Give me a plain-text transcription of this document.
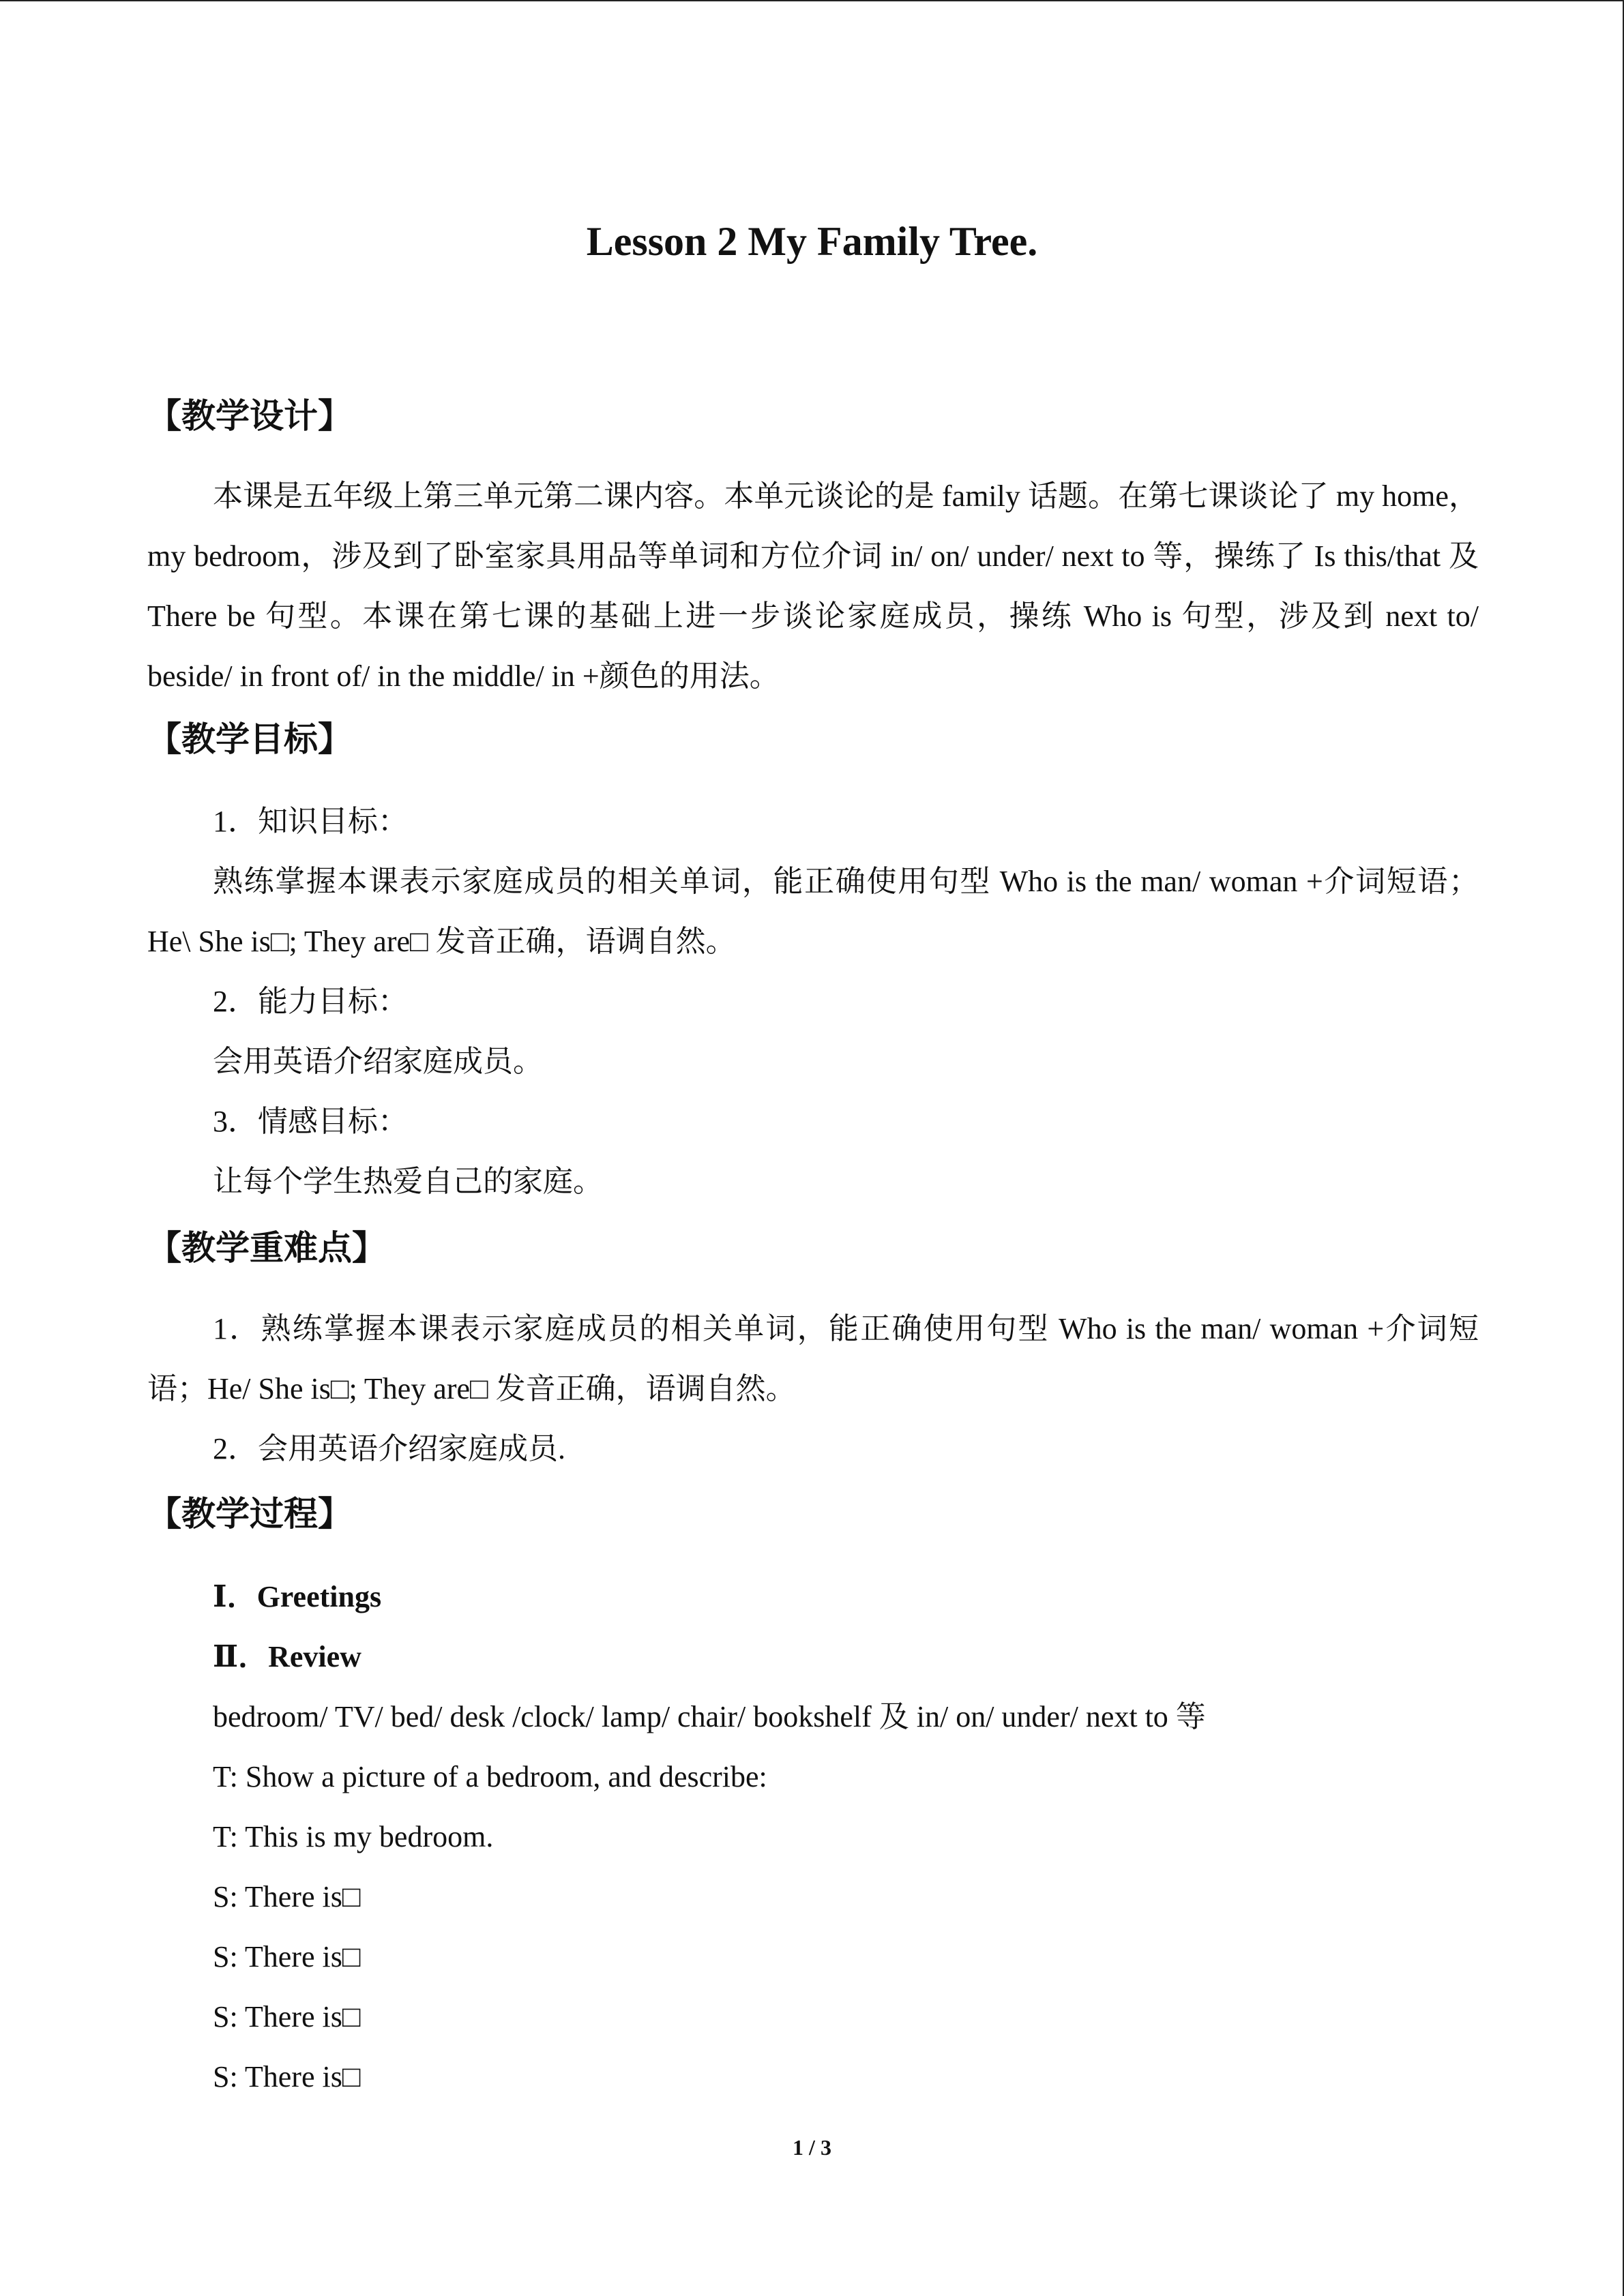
Lesson 2 My Family Tree.
【教学设计】
本课是五年级上第三单元第二课内容。本单元谈论的是 family 话题。在第七课谈论了 my home，my bedroom，涉及到了卧室家具用品等单词和方位介词 in/ on/ under/ next to 等，操练了 Is this/that 及 There be 句型。本课在第七课的基础上进一步谈论家庭成员，操练 Who is 句型，涉及到 next to/ beside/ in front of/ in the middle/ in +颜色的用法。
【教学目标】
1．知识目标：
熟练掌握本课表示家庭成员的相关单词，能正确使用句型 Who is the man/ woman +介词短语；He\ She is□; They are□ 发音正确，语调自然。
2．能力目标：
会用英语介绍家庭成员。
3．情感目标：
让每个学生热爱自己的家庭。
【教学重难点】
1．熟练掌握本课表示家庭成员的相关单词，能正确使用句型 Who is the man/ woman +介词短语；He/ She is□; They are□ 发音正确，语调自然。
2．会用英语介绍家庭成员.
【教学过程】
Ⅰ．Greetings
Ⅱ．Review
bedroom/ TV/ bed/ desk /clock/ lamp/ chair/ bookshelf 及 in/ on/ under/ next to 等
T: Show a picture of a bedroom, and describe:
T: This is my bedroom.
S: There is□
S: There is□
S: There is□
S: There is□
1 / 3
